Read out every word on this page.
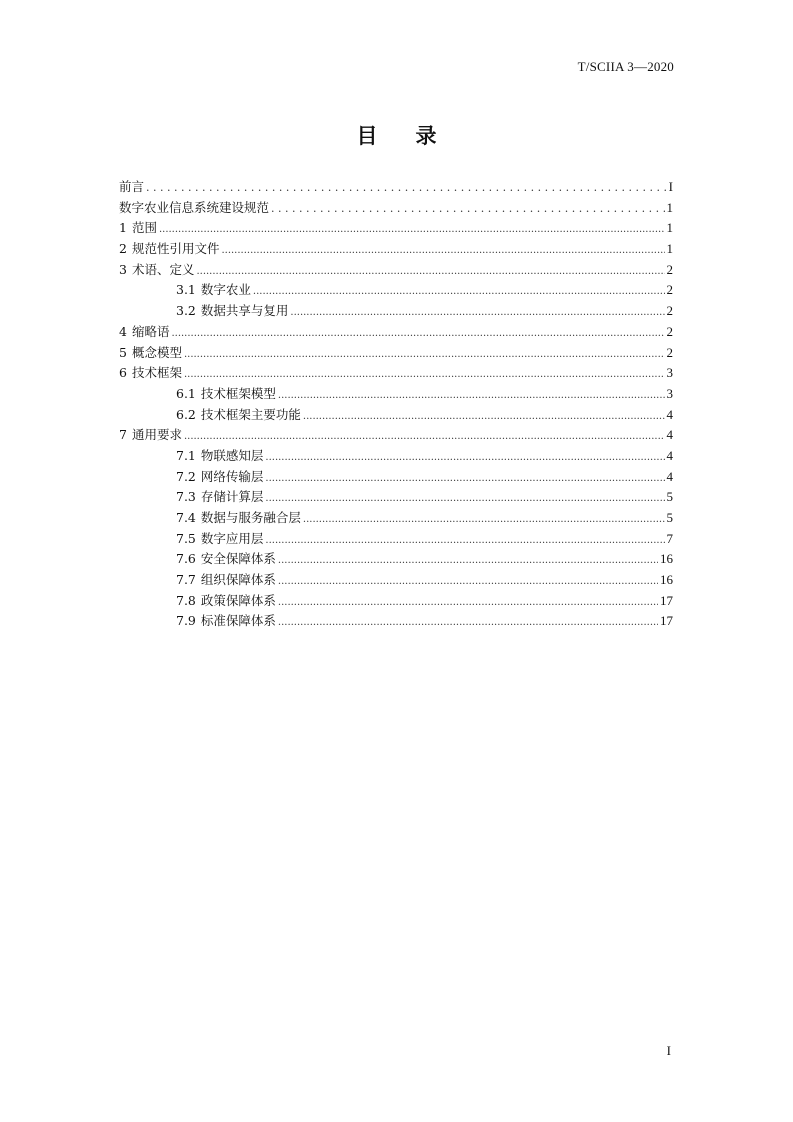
T/SCIIA 3—2020
目录
前言 . . .	I
数字农业信息系统建设规范 . . .	1
1 范围 .....	1
2 规范性引用文件 .....	1
3 术语、定义 .....	2
3.1 数字农业 .....	2
3.2 数据共享与复用 .....	2
4 缩略语 .....	2
5 概念模型 .....	2
6 技术框架 .....	3
6.1 技术框架模型 .....	3
6.2 技术框架主要功能 .....	4
7 通用要求 .....	4
7.1 物联感知层 .....	4
7.2 网络传输层 .....	4
7.3 存储计算层 .....	5
7.4 数据与服务融合层 .....	5
7.5 数字应用层 .....	7
7.6 安全保障体系 .....	16
7.7 组织保障体系 .....	16
7.8 政策保障体系 .....	17
7.9 标准保障体系 .....	17
I
